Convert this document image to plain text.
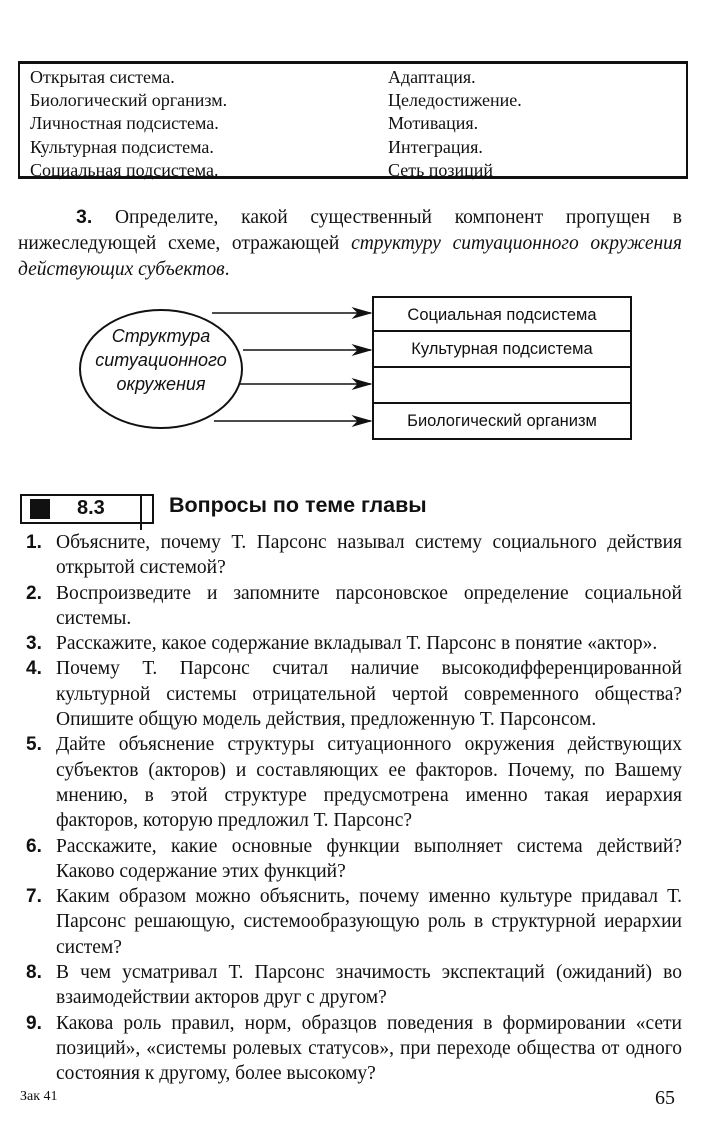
Открытая система.
Биологический организм.
Личностная подсистема.
Культурная подсистема.
Социальная подсистема.
Адаптация.
Целедостижение.
Мотивация.
Интеграция.
Сеть позиций
3. Определите, какой существенный компонент пропущен в нижеследующей схеме, отражающей структуру ситуационного окружения действующих субъектов.
Структура
ситуационного
окружения
Социальная подсистема
Культурная подсистема
Биологический организм
8.3	Вопросы по теме главы
1. Объясните, почему Т. Парсонс называл систему социального действия открытой системой?
2. Воспроизведите и запомните парсоновское определение социальной системы.
3. Расскажите, какое содержание вкладывал Т. Парсонс в понятие «актор».
4. Почему Т. Парсонс считал наличие высокодифференцированной культурной системы отрицательной чертой современного общества? Опишите общую модель действия, предложенную Т. Парсонсом.
5. Дайте объяснение структуры ситуационного окружения действующих субъектов (акторов) и составляющих ее факторов. Почему, по Вашему мнению, в этой структуре предусмотрена именно такая иерархия факторов, которую предложил Т. Парсонс?
6. Расскажите, какие основные функции выполняет система действий? Каково содержание этих функций?
7. Каким образом можно объяснить, почему именно культуре придавал Т. Парсонс решающую, системообразующую роль в структурной иерархии систем?
8. В чем усматривал Т. Парсонс значимость экспектаций (ожиданий) во взаимодействии акторов друг с другом?
9. Какова роль правил, норм, образцов поведения в формировании «сети позиций», «системы ролевых статусов», при переходе общества от одного состояния к другому, более высокому?
Зак 41	65
